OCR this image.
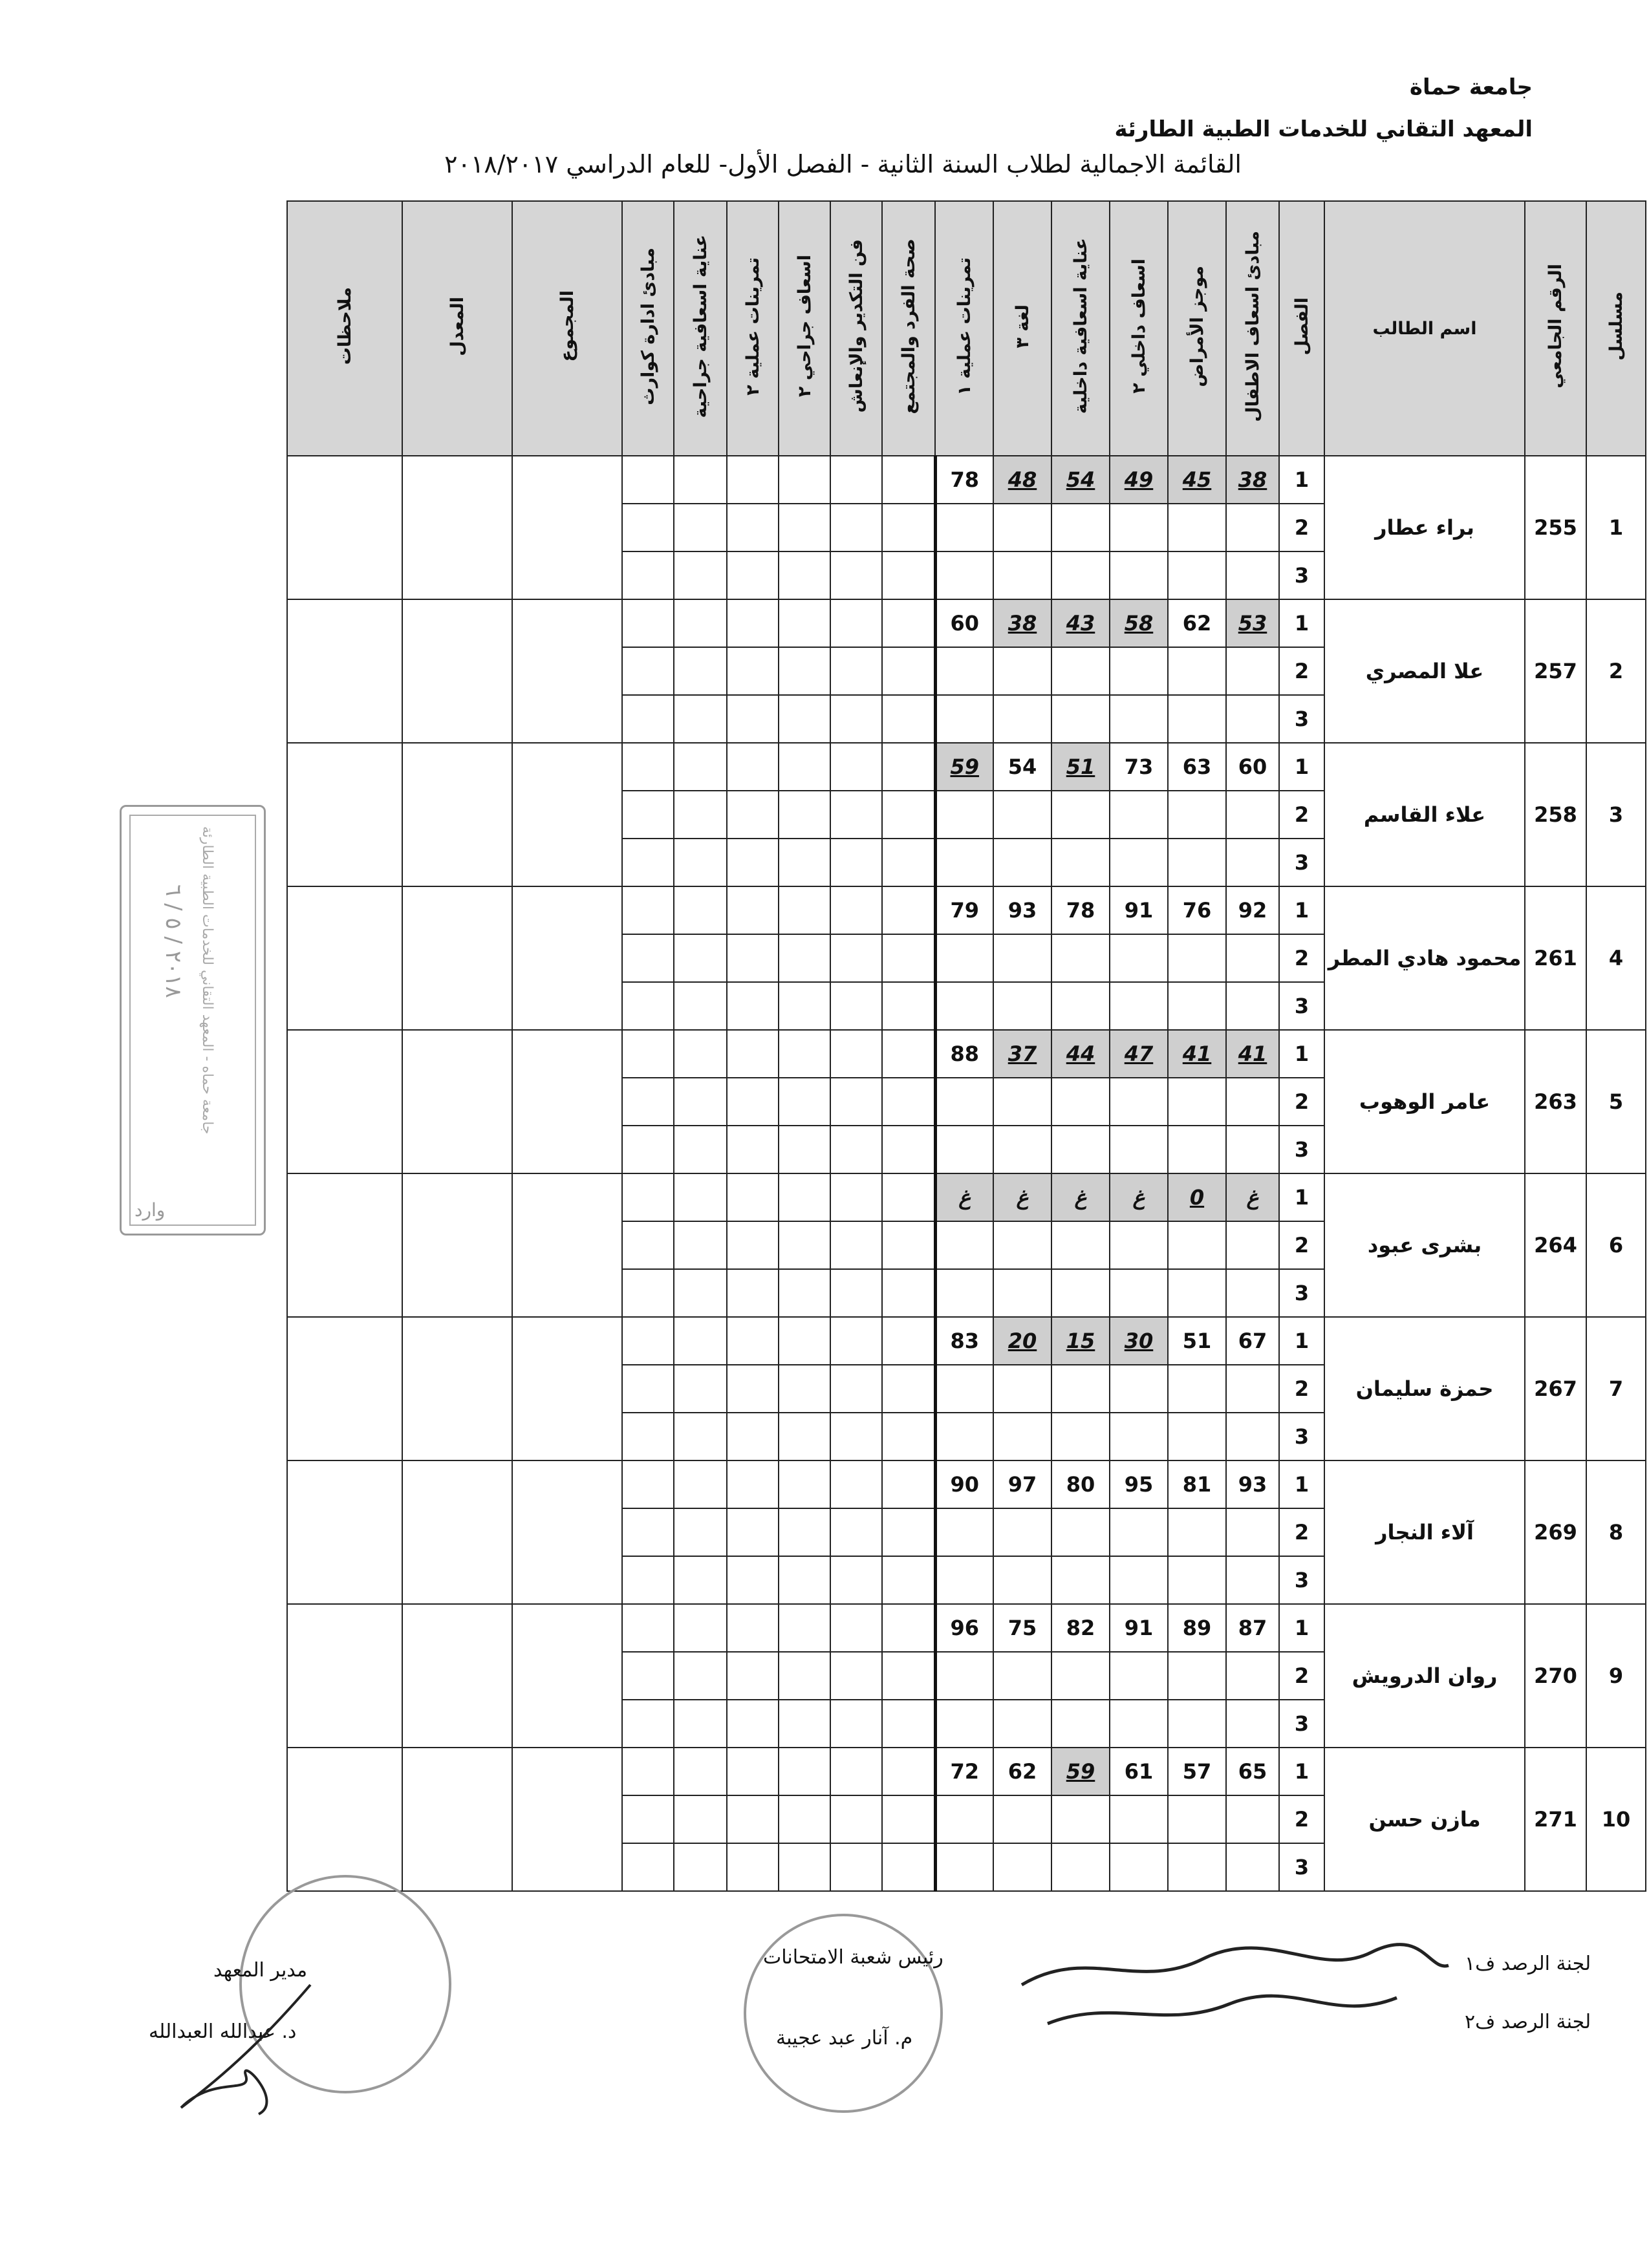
جامعة حماة
المعهد التقاني للخدمات الطبية الطارئة
القائمة الاجمالية لطلاب السنة الثانية - الفصل الأول- للعام الدراسي ٢٠١٨/٢٠١٧
ملاحظات	المعدل	المجموع	مبادئ ادارة كوارث	عناية اسعافية جراحية	تمرينات عملية ٢	اسعاف جراحي ٢	فن التكدير والإنعاش	صحة الفرد والمجتمع	تمرينات عملية ١	لغة ٣	عناية اسعافية داخلية	اسعاف داخلي ٢	موجز الأمراض	مبادئ اسعاف الاطفال	الفصل	اسم الطالب	الرقم الجامعي	مسلسل
									78	48	54	49	45	38	1	براء عطار	255	1
															2			
															3			
									60	38	43	58	62	53	1	علا المصري	257	2
															2			
															3			
									59	54	51	73	63	60	1	علاء القاسم	258	3
															2			
															3			
									79	93	78	91	76	92	1	محمود هادي المطر	261	4
															2			
															3			
									88	37	44	47	41	41	1	عامر الوهوب	263	5
															2			
															3			
									غ	غ	غ	غ	0	غ	1	بشرى عبود	264	6
															2			
															3			
									83	20	15	30	51	67	1	حمزة سليمان	267	7
															2			
															3			
									90	97	80	95	81	93	1	آلاء النجار	269	8
															2			
															3			
									96	75	82	91	89	87	1	روان الدرويش	270	9
															2			
															3			
									72	62	59	61	57	65	1	مازن حسن	271	10
															2			
															3			
٢٠١٨ / ٥ / ٦ جامعة حماه - المعهد التقاني للخدمات الطبية الطارئة
وارد
لجنة الرصد ف١
لجنة الرصد ف٢
رئيس شعبة الامتحانات
م. آنار عبد عجيبة
مدير المعهد
د. عبدالله العبدالله
